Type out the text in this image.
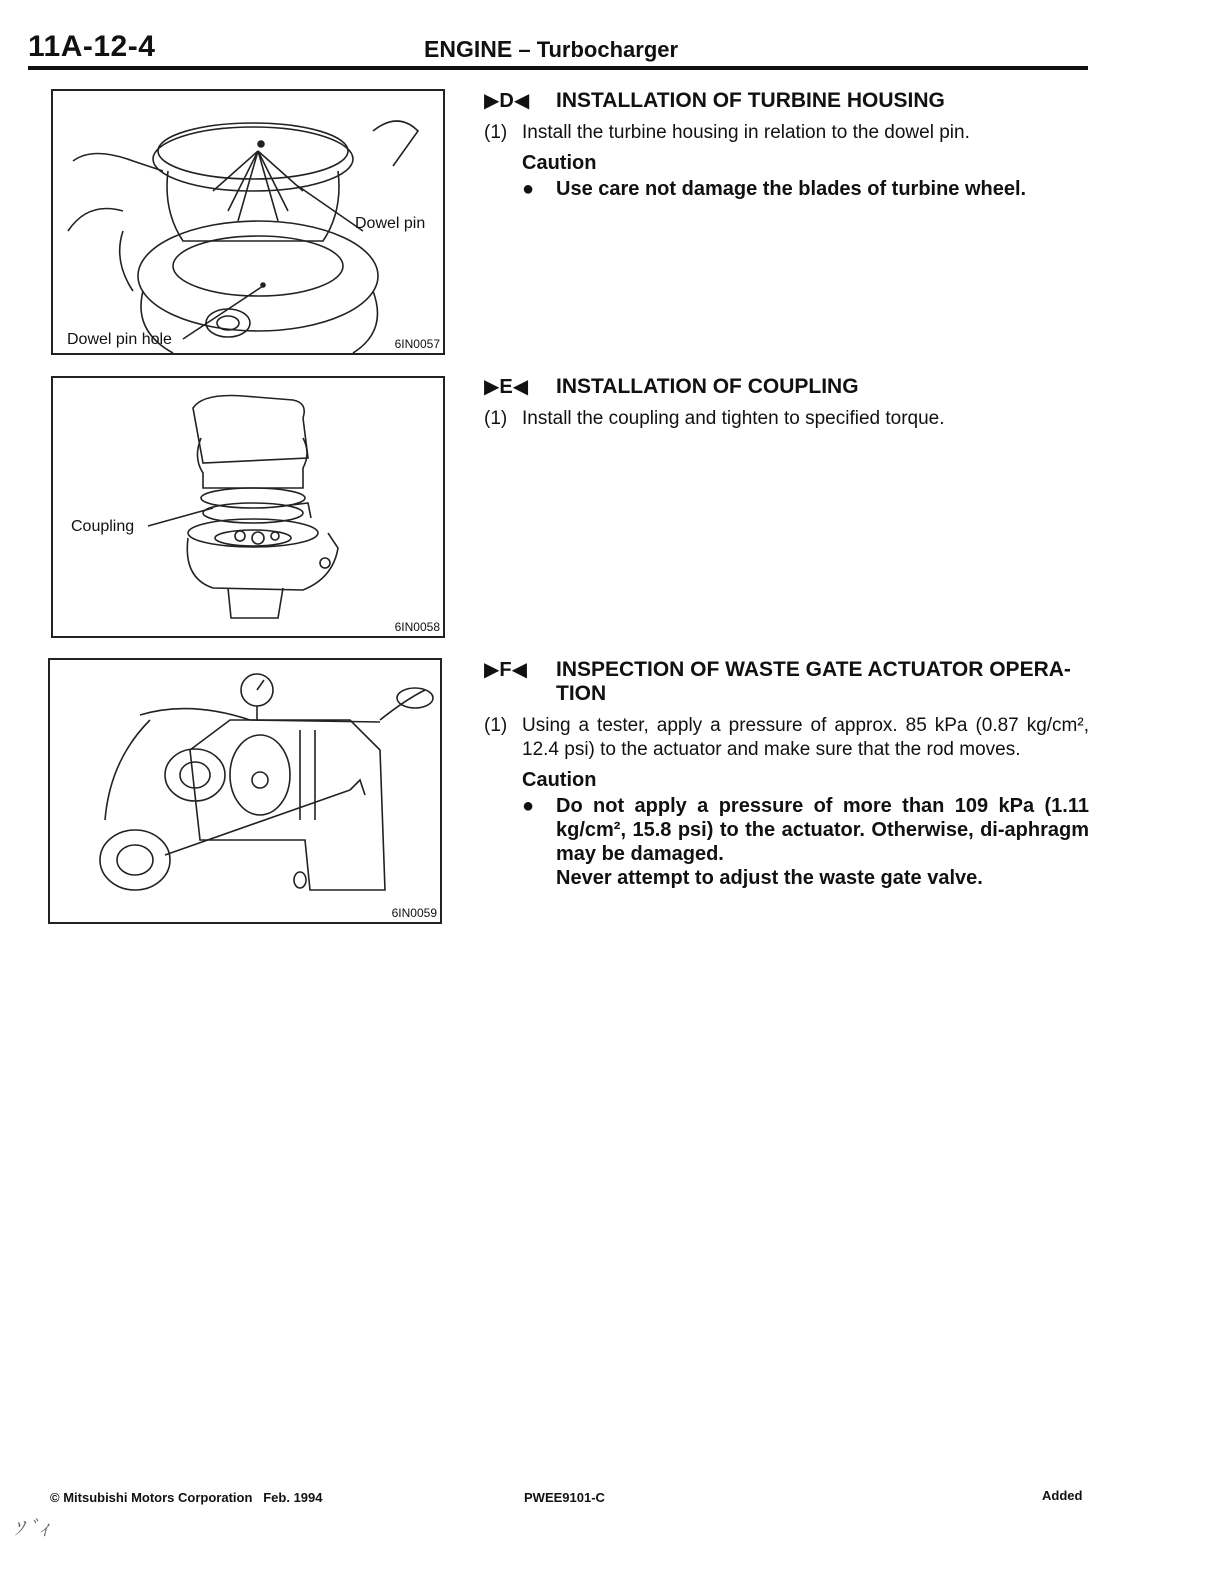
11A-12-4	ENGINE – Turbocharger
Dowel pin
Dowel pin hole	6IN0057
Coupling
6IN0058
6IN0059
▶D◀ INSTALLATION OF TURBINE HOUSING
(1) Install the turbine housing in relation to the dowel pin.
Caution
● Use care not damage the blades of turbine wheel.
▶E◀ INSTALLATION OF COUPLING
(1) Install the coupling and tighten to specified torque.
▶F◀ INSPECTION OF WASTE GATE ACTUATOR OPERA-TION
(1) Using a tester, apply a pressure of approx. 85 kPa (0.87 kg/cm², 12.4 psi) to the actuator and make sure that the rod moves.
Caution
● Do not apply a pressure of more than 109 kPa (1.11 kg/cm², 15.8 psi) to the actuator. Otherwise, di-aphragm may be damaged.
Never attempt to adjust the waste gate valve.
© Mitsubishi Motors Corporation   Feb. 1994	PWEE9101-C	Added
ｿ ﾞｨ
